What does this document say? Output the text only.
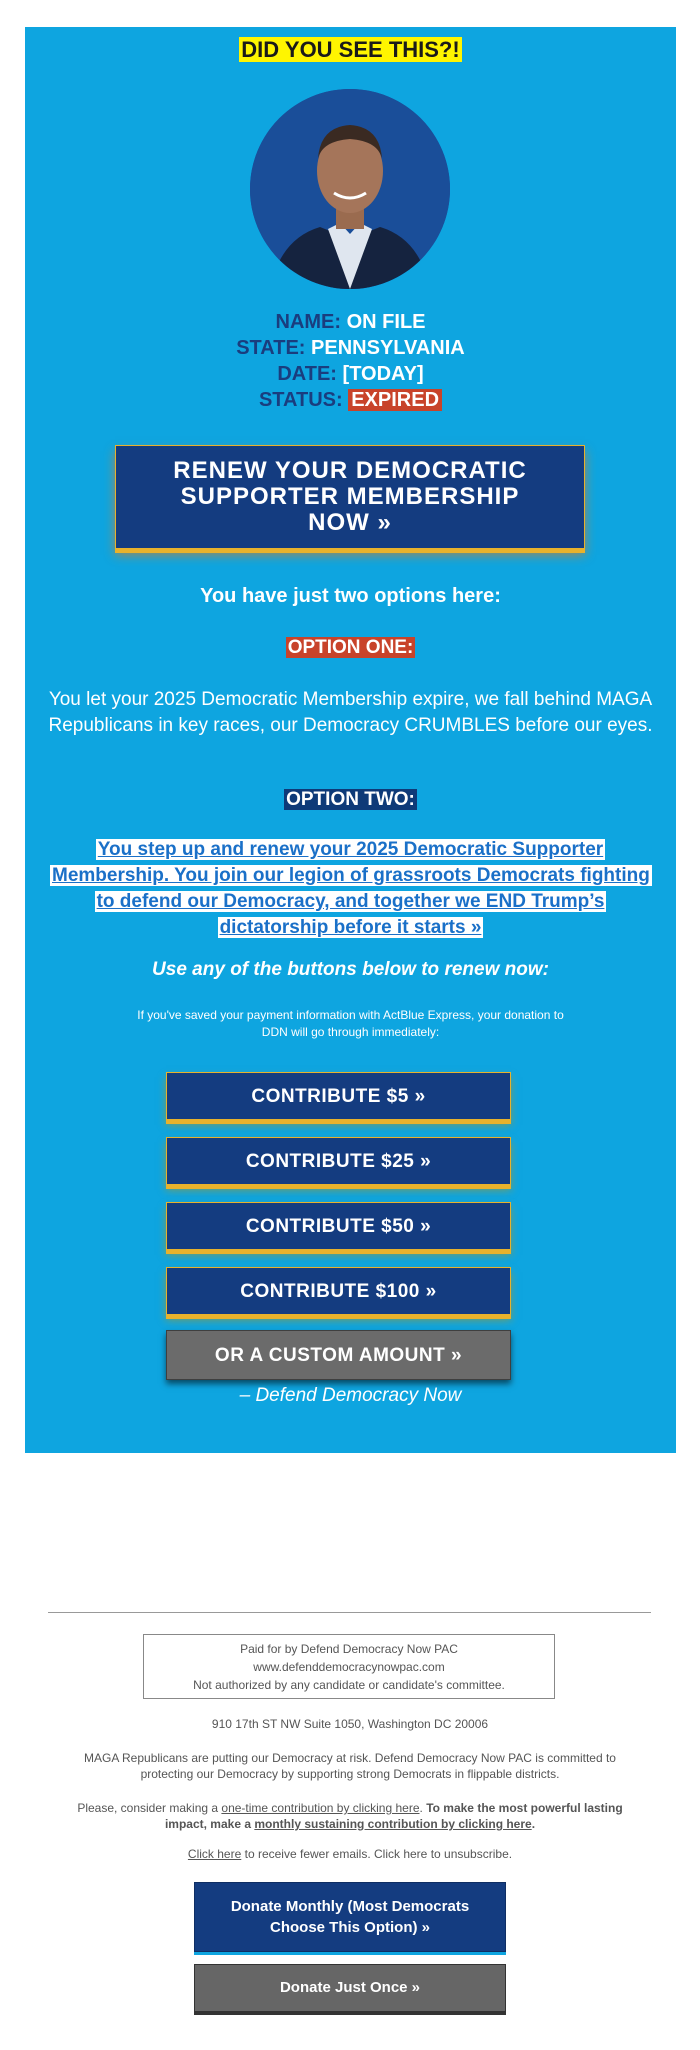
DID YOU SEE THIS?!
NAME: ON FILE
STATE: PENNSYLVANIA
DATE: [TODAY]
STATUS: EXPIRED
RENEW YOUR DEMOCRATIC SUPPORTER MEMBERSHIP NOW »
You have just two options here:
OPTION ONE:
You let your 2025 Democratic Membership expire, we fall behind MAGA Republicans in key races, our Democracy CRUMBLES before our eyes.
OPTION TWO:
You step up and renew your 2025 Democratic Supporter Membership. You join our legion of grassroots Democrats fighting to defend our Democracy, and together we END Trump’s dictatorship before it starts »
Use any of the buttons below to renew now:
If you've saved your payment information with ActBlue Express, your donation to DDN will go through immediately:
CONTRIBUTE $5 »
CONTRIBUTE $25 »
CONTRIBUTE $50 »
CONTRIBUTE $100 »
OR A CUSTOM AMOUNT »
– Defend Democracy Now
Paid for by Defend Democracy Now PAC
www.defenddemocracynowpac.com
Not authorized by any candidate or candidate's committee.
910 17th ST NW Suite 1050, Washington DC 20006
MAGA Republicans are putting our Democracy at risk. Defend Democracy Now PAC is committed to protecting our Democracy by supporting strong Democrats in flippable districts.
Please, consider making a one-time contribution by clicking here. To make the most powerful lasting impact, make a monthly sustaining contribution by clicking here.
Click here to receive fewer emails. Click here to unsubscribe.
Donate Monthly (Most Democrats Choose This Option) »
Donate Just Once »
